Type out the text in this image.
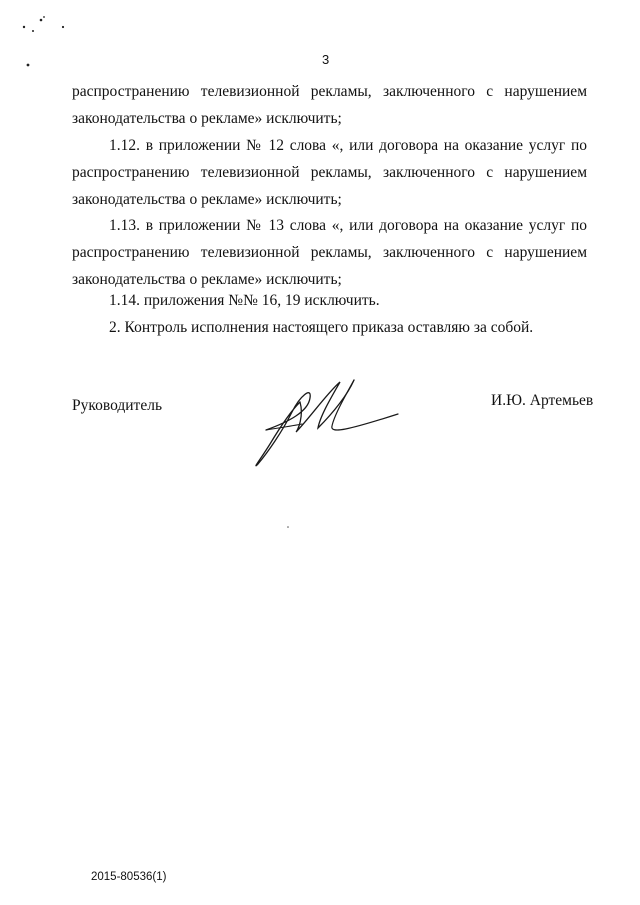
3

распространению телевизионной рекламы, заключенного с нарушением законодательства о рекламе» исключить;

1.12. в приложении № 12 слова «, или договора на оказание услуг по распространению телевизионной рекламы, заключенного с нарушением законодательства о рекламе» исключить;

1.13. в приложении № 13 слова «, или договора на оказание услуг по распространению телевизионной рекламы, заключенного с нарушением законодательства о рекламе» исключить;

1.14. приложения №№ 16, 19 исключить.

2. Контроль исполнения настоящего приказа оставляю за собой.

Руководитель	И.Ю. Артемьев
2015-80536(1)
